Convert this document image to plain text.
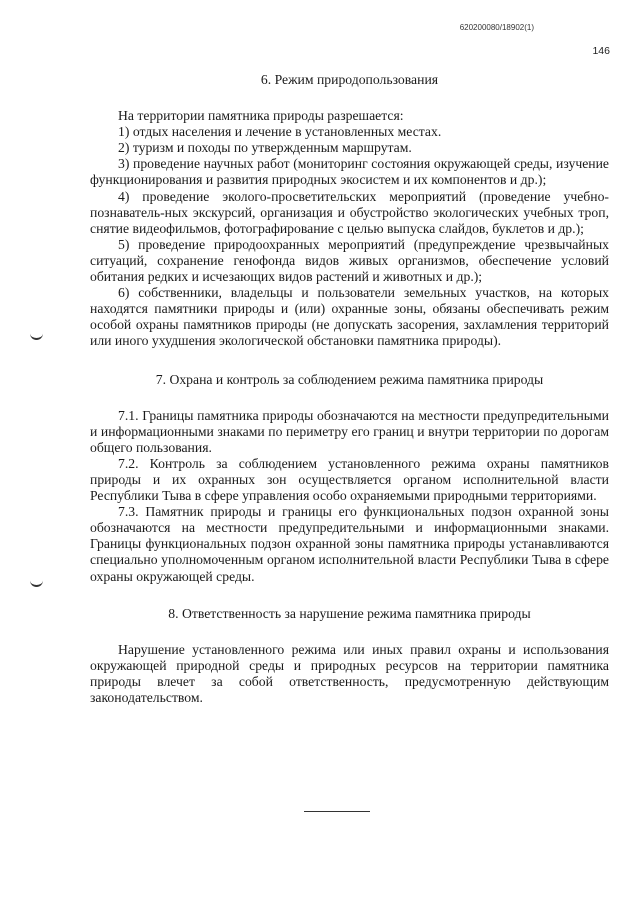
620200080/18902(1)
146
6. Режим природопользования

На территории памятника природы разрешается:

1) отдых населения и лечение в установленных местах.

2) туризм и походы по утвержденным маршрутам.

3) проведение научных работ (мониторинг состояния окружающей среды, изучение функционирования и развития природных экосистем и их компонентов и др.);

4) проведение эколого-просветительских мероприятий (проведение учебно-познаватель-ных экскурсий, организация и обустройство экологических учебных троп, снятие видеофильмов, фотографирование с целью выпуска слайдов, буклетов и др.);

5) проведение природоохранных мероприятий (предупреждение чрезвычайных ситуаций, сохранение генофонда видов живых организмов, обеспечение условий обитания редких и исчезающих видов растений и животных и др.);

6) собственники, владельцы и пользователи земельных участков, на которых находятся памятники природы и (или) охранные зоны, обязаны обеспечивать режим особой охраны памятников природы (не допускать засорения, захламления территорий или иного ухудшения экологической обстановки памятника природы).

7. Охрана и контроль за соблюдением режима памятника природы

7.1. Границы памятника природы обозначаются на местности предупредительными и информационными знаками по периметру его границ и внутри территории по дорогам общего пользования.

7.2. Контроль за соблюдением установленного режима охраны памятников природы и их охранных зон осуществляется органом исполнительной власти Республики Тыва в сфере управления особо охраняемыми природными территориями.

7.3. Памятник природы и границы его функциональных подзон охранной зоны обозначаются на местности предупредительными и информационными знаками. Границы функциональных подзон охранной зоны памятника природы устанавливаются специально уполномоченным органом исполнительной власти Республики Тыва в сфере охраны окружающей среды.

8. Ответственность за нарушение режима памятника природы

Нарушение установленного режима или иных правил охраны и использования окружающей природной среды и природных ресурсов на территории памятника природы влечет за собой ответственность, предусмотренную действующим законодательством.
